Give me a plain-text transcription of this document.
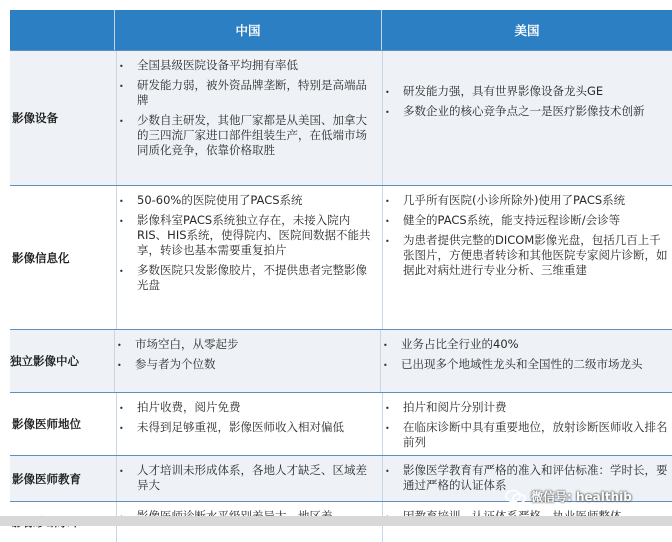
中国	美国
影像设备
• 全国县级医院设备平均拥有率低
• 研发能力弱，被外资品牌垄断，特别是高端品牌
• 少数自主研发，其他厂家都是从美国、加拿大的三四流厂家进口部件组装生产，在低端市场同质化竞争，依靠价格取胜
• 研发能力强，具有世界影像设备龙头GE
• 多数企业的核心竞争点之一是医疗影像技术创新
影像信息化
• 50-60%的医院使用了PACS系统
• 影像科室PACS系统独立存在，未接入院内RIS、HIS系统，使得院内、医院间数据不能共享，转诊也基本需要重复拍片
• 多数医院只发影像胶片，不提供患者完整影像光盘
• 几乎所有医院(小诊所除外)使用了PACS系统
• 健全的PACS系统，能支持远程诊断/会诊等
• 为患者提供完整的DICOM影像光盘，包括几百上千张图片，方便患者转诊和其他医院专家阅片诊断，如据此对病灶进行专业分析、三维重建
独立影像中心
• 市场空白，从零起步
• 参与者为个位数
• 业务占比全行业的40%
• 已出现多个地域性龙头和全国性的二级市场龙头
影像医师地位
• 拍片收费，阅片免费
• 未得到足够重视，影像医师收入相对偏低
• 拍片和阅片分别计费
• 在临床诊断中具有重要地位，放射诊断医师收入排名前列
影像医师教育	• 人才培训未形成体系，各地人才缺乏、区域差异大
• 影像医学教育有严格的准入和评估标准：学时长，要通过严格的认证体系
微信号: healthib
